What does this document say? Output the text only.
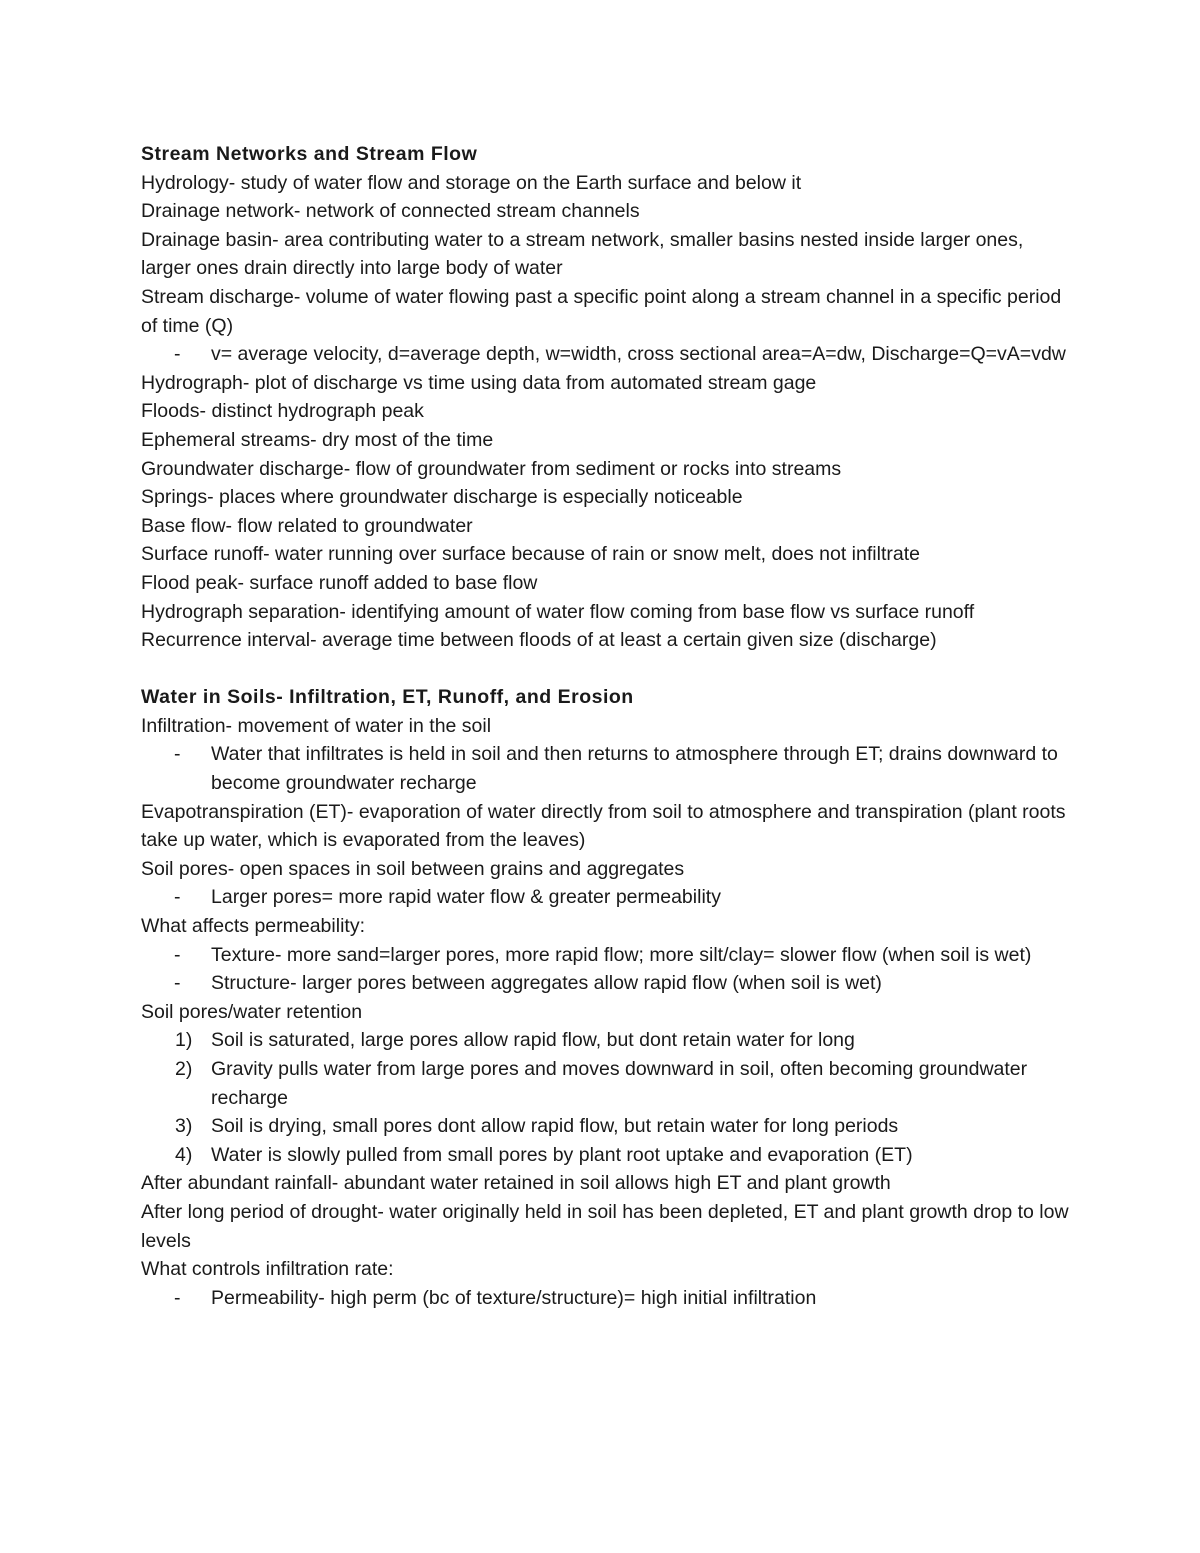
Stream Networks and Stream Flow

Hydrology- study of water flow and storage on the Earth surface and below it

Drainage network- network of connected stream channels

Drainage basin- area contributing water to a stream network, smaller basins nested inside larger ones, larger ones drain directly into large body of water

Stream discharge- volume of water flowing past a specific point along a stream channel in a specific period of time (Q)

- v= average velocity, d=average depth, w=width, cross sectional area=A=dw, Discharge=Q=vA=vdw

Hydrograph- plot of discharge vs time using data from automated stream gage

Floods- distinct hydrograph peak

Ephemeral streams- dry most of the time

Groundwater discharge- flow of groundwater from sediment or rocks into streams

Springs- places where groundwater discharge is especially noticeable

Base flow- flow related to groundwater

Surface runoff- water running over surface because of rain or snow melt, does not infiltrate

Flood peak- surface runoff added to base flow

Hydrograph separation- identifying amount of water flow coming from base flow vs surface runoff

Recurrence interval- average time between floods of at least a certain given size (discharge)

Water in Soils- Infiltration, ET, Runoff, and Erosion

Infiltration- movement of water in the soil

- Water that infiltrates is held in soil and then returns to atmosphere through ET; drains downward to become groundwater recharge

Evapotranspiration (ET)- evaporation of water directly from soil to atmosphere and transpiration (plant roots take up water, which is evaporated from the leaves)

Soil pores- open spaces in soil between grains and aggregates

- Larger pores= more rapid water flow & greater permeability

What affects permeability:

- Texture- more sand=larger pores, more rapid flow; more silt/clay= slower flow (when soil is wet)
- Structure- larger pores between aggregates allow rapid flow (when soil is wet)

Soil pores/water retention

1) Soil is saturated, large pores allow rapid flow, but dont retain water for long
2) Gravity pulls water from large pores and moves downward in soil, often becoming groundwater recharge
3) Soil is drying, small pores dont allow rapid flow, but retain water for long periods
4) Water is slowly pulled from small pores by plant root uptake and evaporation (ET)

After abundant rainfall- abundant water retained in soil allows high ET and plant growth

After long period of drought- water originally held in soil has been depleted, ET and plant growth drop to low levels

What controls infiltration rate:

- Permeability- high perm (bc of texture/structure)= high initial infiltration
